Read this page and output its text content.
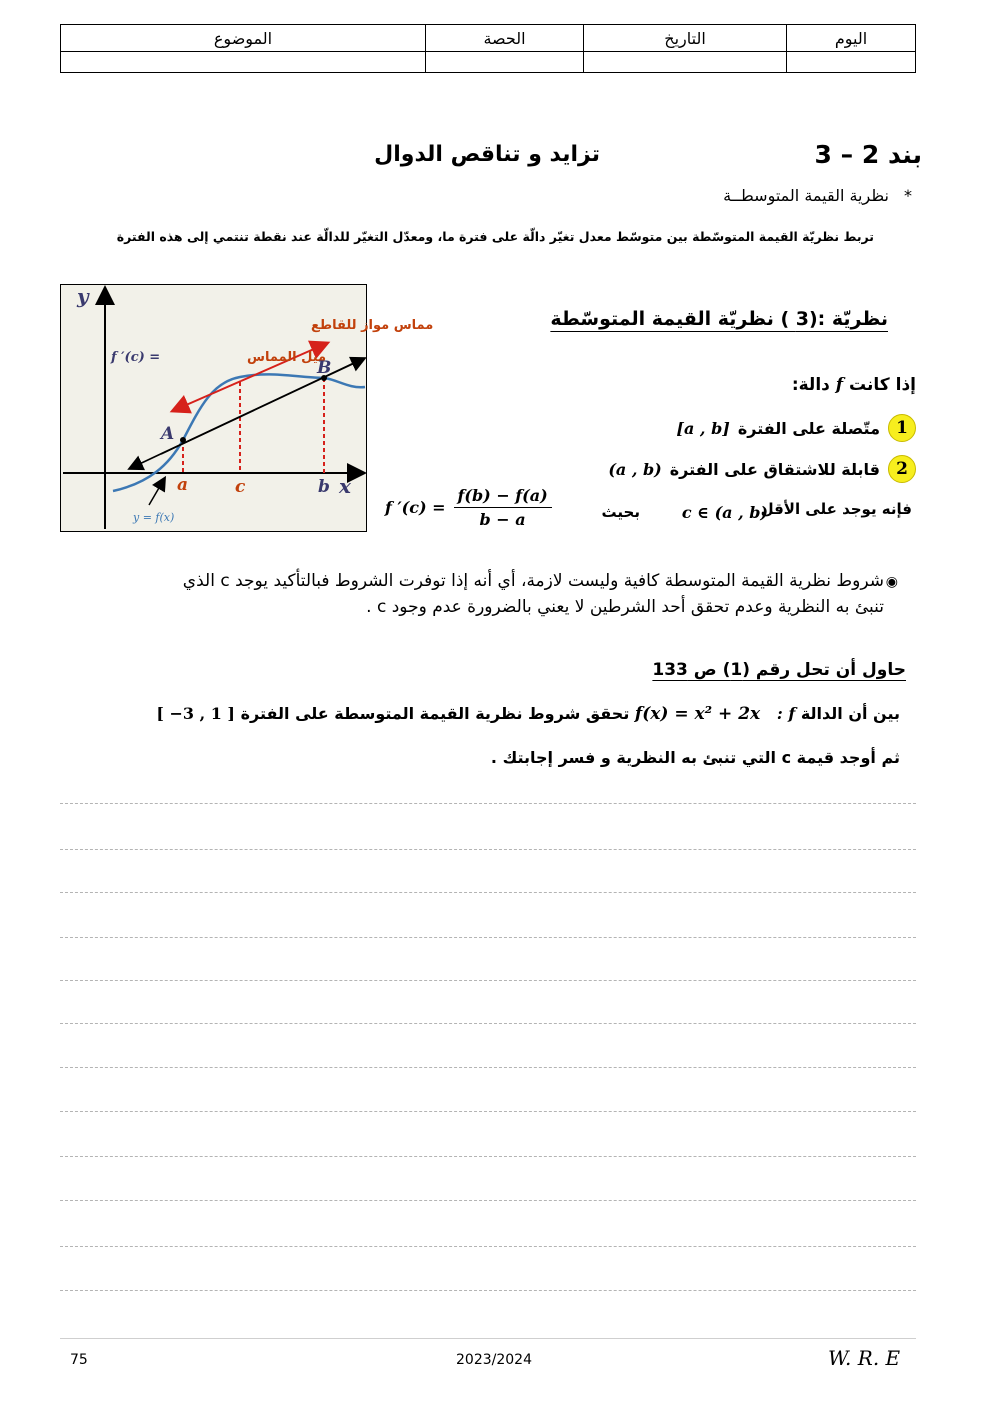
اليوم	التاريخ	الحصة	الموضوع

بند 2 – 3
تزايد و تناقص الدوال
* نظرية القيمة المتوسطــة
تربط نظريّة القيمة المتوسّطة بين متوسّط معدل تغيّر دالّة على فترة ما، ومعدّل التغيّر للدالّة عند نقطة تنتمي إلى هذه الفترة
y
x
مماس مواز للقاطع
f ′(c) =	ميل المماس
A
B
a	c	b
y = f(x)
نظريّة :(3 ) نظريّة القيمة المتوسّطة
إذا كانت f دالة:
1
متّصلة على الفترة
[a , b]
2
قابلة للاشتقاق على الفترة
(a , b)
فإنه يوجد على الأقل
c ∈ (a , b)
بحيث
f $'(c) = \frac{f(b) - f(a)}{b - a}$
◉
شروط نظرية القيمة المتوسطة كافية وليست لازمة، أي أنه إذا توفرت الشروط فبالتأكيد يوجد c الذي
تنبئ به النظرية وعدم تحقق أحد الشرطين لا يعني بالضرورة عدم وجود c .
حاول أن تحل رقم (1) ص 133
بين أن الدالة f :   f(x) = x² + 2x تحقق شروط نظرية القيمة المتوسطة على الفترة [ 1 , 3− ]
ثم أوجد قيمة c التي تنبئ به النظرية و فسر إجابتك .
75	2023/2024	W. R. E
